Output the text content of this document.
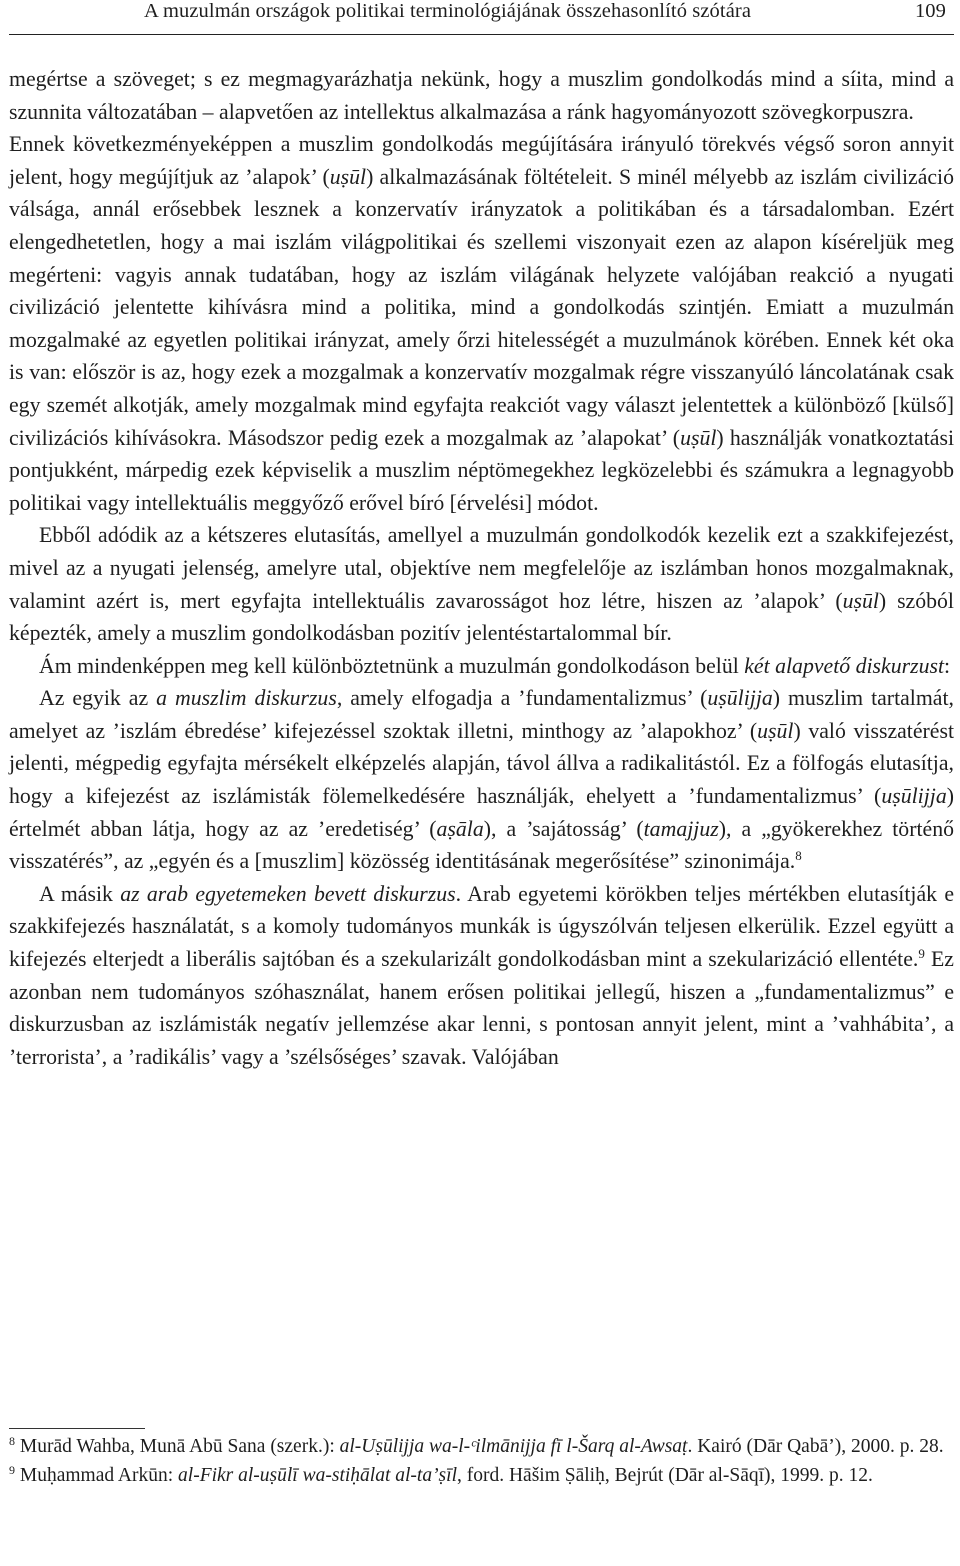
A muzulmán országok politikai terminológiájának összehasonlító szótára	109

megértse a szöveget; s ez megmagyarázhatja nekünk, hogy a muszlim gondolkodás mind a síita, mind a szunnita változatában – alapvetően az intellektus alkalmazása a ránk hagyományozott szövegkorpuszra.

Ennek következményeképpen a muszlim gondolkodás megújítására irányuló törekvés végső soron annyit jelent, hogy megújítjuk az ’alapok’ (uṣūl) alkalmazásának föltételeit. S minél mélyebb az iszlám civilizáció válsága, annál erősebbek lesznek a konzervatív irányzatok a politikában és a társadalomban. Ezért elengedhetetlen, hogy a mai iszlám világpolitikai és szellemi viszonyait ezen az alapon kíséreljük meg megérteni: vagyis annak tudatában, hogy az iszlám világának helyzete valójában reakció a nyugati civilizáció jelentette kihívásra mind a politika, mind a gondolkodás szintjén. Emiatt a muzulmán mozgalmaké az egyetlen politikai irányzat, amely őrzi hitelességét a muzulmánok körében. Ennek két oka is van: először is az, hogy ezek a mozgalmak a konzervatív mozgalmak régre visszanyúló láncolatának csak egy szemét alkotják, amely mozgalmak mind egyfajta reakciót vagy választ jelentettek a különböző [külső] civilizációs kihívásokra. Másodszor pedig ezek a mozgalmak az ’alapokat’ (uṣūl) használják vonatkoztatási pontjukként, márpedig ezek képviselik a muszlim néptömegekhez legközelebbi és számukra a legnagyobb politikai vagy intellektuális meggyőző erővel bíró [érvelési] módot.

Ebből adódik az a kétszeres elutasítás, amellyel a muzulmán gondolkodók kezelik ezt a szakkifejezést, mivel az a nyugati jelenség, amelyre utal, objektíve nem megfelelője az iszlámban honos mozgalmaknak, valamint azért is, mert egyfajta intellektuális zavarosságot hoz létre, hiszen az ’alapok’ (uṣūl) szóból képezték, amely a muszlim gondolkodásban pozitív jelentéstartalommal bír.

Ám mindenképpen meg kell különböztetnünk a muzulmán gondolkodáson belül két alapvető diskurzust:

Az egyik az a muszlim diskurzus, amely elfogadja a ’fundamentalizmus’ (uṣūlijja) muszlim tartalmát, amelyet az ’iszlám ébredése’ kifejezéssel szoktak illetni, minthogy az ’alapokhoz’ (uṣūl) való visszatérést jelenti, mégpedig egyfajta mérsékelt elképzelés alapján, távol állva a radikalitástól. Ez a fölfogás elutasítja, hogy a kifejezést az iszlámisták fölemelkedésére használják, ehelyett a ’fundamentalizmus’ (uṣūlijja) értelmét abban látja, hogy az az ’eredetiség’ (aṣāla), a ’sajátosság’ (tamajjuz), a „gyökerekhez történő visszatérés”, az „egyén és a [muszlim] közösség identitásának megerősítése” szinonimája.$^8$

A másik az arab egyetemeken bevett diskurzus. Arab egyetemi körökben teljes mértékben elutasítják e szakkifejezés használatát, s a komoly tudományos munkák is úgyszólván teljesen elkerülik. Ezzel együtt a kifejezés elterjedt a liberális sajtóban és a szekularizált gondolkodásban mint a szekularizáció ellentéte.$^9$ Ez azonban nem tudományos szóhasználat, hanem erősen politikai jellegű, hiszen a „fundamentalizmus” e diskurzusban az iszlámisták negatív jellemzése akar lenni, s pontosan annyit jelent, mint a ’vahhábita’, a ’terrorista’, a ’radikális’ vagy a ’szélsőséges’ szavak. Valójában

$^8$ Murād Wahba, Munā Abū Sana (szerk.): al-Uṣūlijja wa-l-ᶜilmānijja fī l-Šarq al-Awsaṭ. Kairó (Dār Qabā’), 2000. p. 28.

$^9$ Muḥammad Arkūn: al-Fikr al-uṣūlī wa-stiḥālat al-ta’ṣīl, ford. Hāšim Ṣāliḥ, Bejrút (Dār al-Sāqī), 1999. p. 12.
